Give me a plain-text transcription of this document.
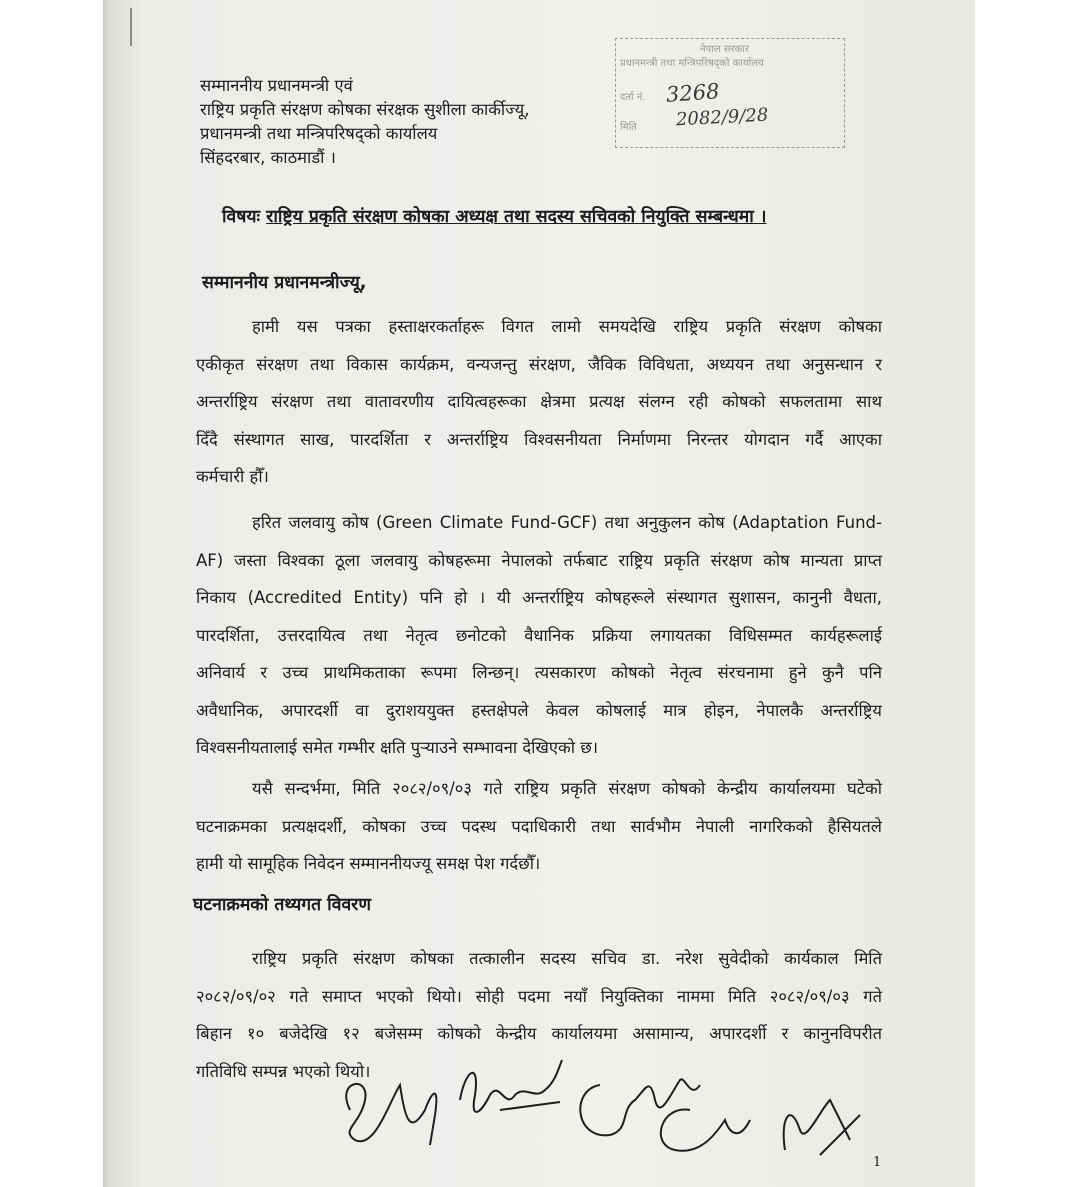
सम्माननीय प्रधानमन्त्री एवं
राष्ट्रिय प्रकृति संरक्षण कोषका संरक्षक सुशीला कार्कीज्यू,
प्रधानमन्त्री तथा मन्त्रिपरिषद्को कार्यालय
सिंहदरबार, काठमाडौं ।
नेपाल सरकार
प्रधानमन्त्री तथा मन्त्रिपरिषद्को कार्यालय
दर्ता नं. 3268
मिति 2082/9/28
विषयः राष्ट्रिय प्रकृति संरक्षण कोषका अध्यक्ष तथा सदस्य सचिवको नियुक्ति सम्बन्धमा ।
सम्माननीय प्रधानमन्त्रीज्यू,
हामी यस पत्रका हस्ताक्षरकर्ताहरू विगत लामो समयदेखि राष्ट्रिय प्रकृति संरक्षण कोषका
एकीकृत संरक्षण तथा विकास कार्यक्रम, वन्यजन्तु संरक्षण, जैविक विविधता, अध्ययन तथा अनुसन्धान र
अन्तर्राष्ट्रिय संरक्षण तथा वातावरणीय दायित्वहरूका क्षेत्रमा प्रत्यक्ष संलग्न रही कोषको सफलतामा साथ
दिँदै संस्थागत साख, पारदर्शिता र अन्तर्राष्ट्रिय विश्वसनीयता निर्माणमा निरन्तर योगदान गर्दै आएका
कर्मचारी हौँ।
हरित जलवायु कोष (Green Climate Fund-GCF) तथा अनुकुलन कोष (Adaptation Fund-
AF) जस्ता विश्वका ठूला जलवायु कोषहरूमा नेपालको तर्फबाट राष्ट्रिय प्रकृति संरक्षण कोष मान्यता प्राप्त
निकाय (Accredited Entity) पनि हो । यी अन्तर्राष्ट्रिय कोषहरूले संस्थागत सुशासन, कानुनी वैधता,
पारदर्शिता, उत्तरदायित्व तथा नेतृत्व छनोटको वैधानिक प्रक्रिया लगायतका विधिसम्मत कार्यहरूलाई
अनिवार्य र उच्च प्राथमिकताका रूपमा लिन्छन्। त्यसकारण कोषको नेतृत्व संरचनामा हुने कुनै पनि
अवैधानिक, अपारदर्शी वा दुराशययुक्त हस्तक्षेपले केवल कोषलाई मात्र होइन, नेपालकै अन्तर्राष्ट्रिय
विश्वसनीयतालाई समेत गम्भीर क्षति पुर्‍याउने सम्भावना देखिएको छ।
यसै सन्दर्भमा, मिति २०८२/०९/०३ गते राष्ट्रिय प्रकृति संरक्षण कोषको केन्द्रीय कार्यालयमा घटेको
घटनाक्रमका प्रत्यक्षदर्शी, कोषका उच्च पदस्थ पदाधिकारी तथा सार्वभौम नेपाली नागरिकको हैसियतले
हामी यो सामूहिक निवेदन सम्माननीयज्यू समक्ष पेश गर्दछौँ।
घटनाक्रमको तथ्यगत विवरण
राष्ट्रिय प्रकृति संरक्षण कोषका तत्कालीन सदस्य सचिव डा. नरेश सुवेदीको कार्यकाल मिति
२०८२/०९/०२ गते समाप्त भएको थियो। सोही पदमा नयाँ नियुक्तिका नाममा मिति २०८२/०९/०३ गते
बिहान १० बजेदेखि १२ बजेसम्म कोषको केन्द्रीय कार्यालयमा असामान्य, अपारदर्शी र कानुनविपरीत
गतिविधि सम्पन्न भएको थियो।
1
